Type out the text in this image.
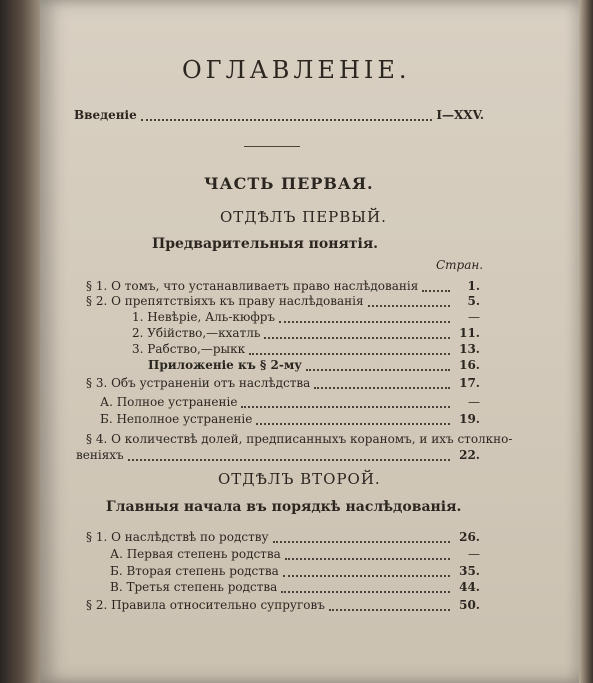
ОГЛАВЛЕНІЕ.
Введеніе	I—XXV.
ЧАСТЬ ПЕРВАЯ.
ОТДѢЛЪ ПЕРВЫЙ.
Предварительныя понятія.
Стран.
§ 1. О томъ, что устанавливаетъ право наслѣдованія	1.
§ 2. О препятствіяхъ къ праву наслѣдованія	5.
1. Невѣріе, Аль-кюфръ	—
2. Убійство,—кхатль	11.
3. Рабство,—рыкк	13.
Приложеніе къ § 2-му	16.
§ 3. Объ устраненіи отъ наслѣдства	17.
А. Полное устраненіе	—
Б. Неполное устраненіе	19.
§ 4. О количествѣ долей, предписанныхъ кораномъ, и ихъ столкно-
веніяхъ	22.
ОТДѢЛЪ ВТОРОЙ.
Главныя начала въ порядкѣ наслѣдованія.
§ 1. О наслѣдствѣ по родству	26.
А. Первая степень родства	—
Б. Вторая степень родства	35.
В. Третья степень родства	44.
§ 2. Правила относительно супруговъ	50.
